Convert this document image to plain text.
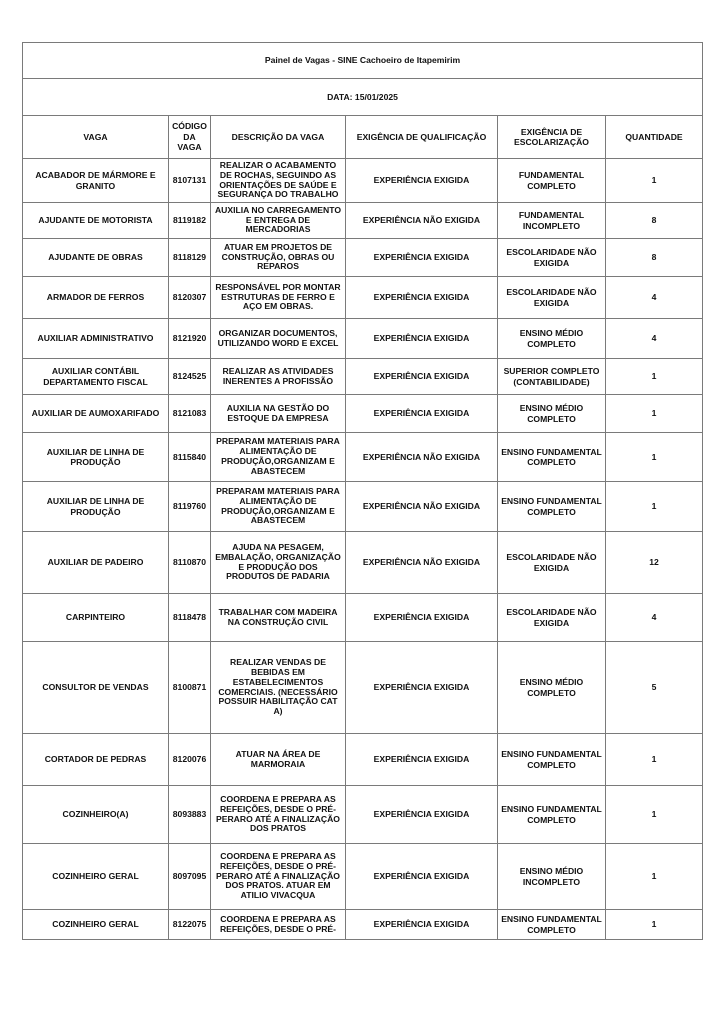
Painel de Vagas - SINE Cachoeiro de Itapemirim					
DATA: 15/01/2025					
VAGA	CÓDIGO DA VAGA	DESCRIÇÃO DA VAGA	EXIGÊNCIA DE QUALIFICAÇÃO	EXIGÊNCIA DE ESCOLARIZAÇÃO	QUANTIDADE
ACABADOR DE MÁRMORE E GRANITO	8107131	REALIZAR O ACABAMENTO DE ROCHAS, SEGUINDO AS ORIENTAÇÕES DE SAÚDE E SEGURANÇA DO TRABALHO	EXPERIÊNCIA EXIGIDA	FUNDAMENTAL COMPLETO	1
AJUDANTE DE MOTORISTA	8119182	AUXILIA NO CARREGAMENTO E ENTREGA DE MERCADORIAS	EXPERIÊNCIA NÃO EXIGIDA	FUNDAMENTAL INCOMPLETO	8
AJUDANTE DE OBRAS	8118129	ATUAR EM PROJETOS DE CONSTRUÇÃO, OBRAS OU REPAROS	EXPERIÊNCIA EXIGIDA	ESCOLARIDADE NÃO EXIGIDA	8
ARMADOR DE FERROS	8120307	RESPONSÁVEL POR MONTAR ESTRUTURAS DE FERRO E AÇO EM OBRAS.	EXPERIÊNCIA EXIGIDA	ESCOLARIDADE NÃO EXIGIDA	4
AUXILIAR ADMINISTRATIVO	8121920	ORGANIZAR DOCUMENTOS, UTILIZANDO WORD E EXCEL	EXPERIÊNCIA EXIGIDA	ENSINO MÉDIO COMPLETO	4
AUXILIAR CONTÁBIL DEPARTAMENTO FISCAL	8124525	REALIZAR AS ATIVIDADES INERENTES A PROFISSÃO	EXPERIÊNCIA EXIGIDA	SUPERIOR COMPLETO (CONTABILIDADE)	1
AUXILIAR DE AUMOXARIFADO	8121083	AUXILIA NA GESTÃO DO ESTOQUE DA EMPRESA	EXPERIÊNCIA EXIGIDA	ENSINO MÉDIO COMPLETO	1
AUXILIAR DE LINHA DE PRODUÇÃO	8115840	PREPARAM MATERIAIS PARA ALIMENTAÇÃO DE PRODUÇÃO,ORGANIZAM E ABASTECEM	EXPERIÊNCIA NÃO EXIGIDA	ENSINO FUNDAMENTAL COMPLETO	1
AUXILIAR DE LINHA DE PRODUÇÃO	8119760	PREPARAM MATERIAIS PARA ALIMENTAÇÃO DE PRODUÇÃO,ORGANIZAM E ABASTECEM	EXPERIÊNCIA NÃO EXIGIDA	ENSINO FUNDAMENTAL COMPLETO	1
AUXILIAR DE PADEIRO	8110870	AJUDA NA PESAGEM, EMBALAÇÃO, ORGANIZAÇÃO E PRODUÇÃO DOS PRODUTOS DE PADARIA	EXPERIÊNCIA NÃO EXIGIDA	ESCOLARIDADE NÃO EXIGIDA	12
CARPINTEIRO	8118478	TRABALHAR COM MADEIRA NA CONSTRUÇÃO CIVIL	EXPERIÊNCIA EXIGIDA	ESCOLARIDADE NÃO EXIGIDA	4
CONSULTOR DE VENDAS	8100871	REALIZAR VENDAS DE BEBIDAS EM ESTABELECIMENTOS COMERCIAIS. (NECESSÁRIO POSSUIR HABILITAÇÃO CAT A)	EXPERIÊNCIA EXIGIDA	ENSINO MÉDIO COMPLETO	5
CORTADOR DE PEDRAS	8120076	ATUAR NA ÁREA DE MARMORAIA	EXPERIÊNCIA EXIGIDA	ENSINO FUNDAMENTAL COMPLETO	1
COZINHEIRO(A)	8093883	COORDENA E PREPARA AS REFEIÇÕES, DESDE O PRÉ-PERARO ATÉ A FINALIZAÇÃO DOS PRATOS	EXPERIÊNCIA EXIGIDA	ENSINO FUNDAMENTAL COMPLETO	1
COZINHEIRO GERAL	8097095	COORDENA E PREPARA AS REFEIÇÕES, DESDE O PRÉ-PERARO ATÉ A FINALIZAÇÃO DOS PRATOS. ATUAR EM ATILIO VIVACQUA	EXPERIÊNCIA EXIGIDA	ENSINO MÉDIO INCOMPLETO	1
COZINHEIRO GERAL	8122075	COORDENA E PREPARA AS REFEIÇÕES, DESDE O PRÉ-	EXPERIÊNCIA EXIGIDA	ENSINO FUNDAMENTAL COMPLETO	1
